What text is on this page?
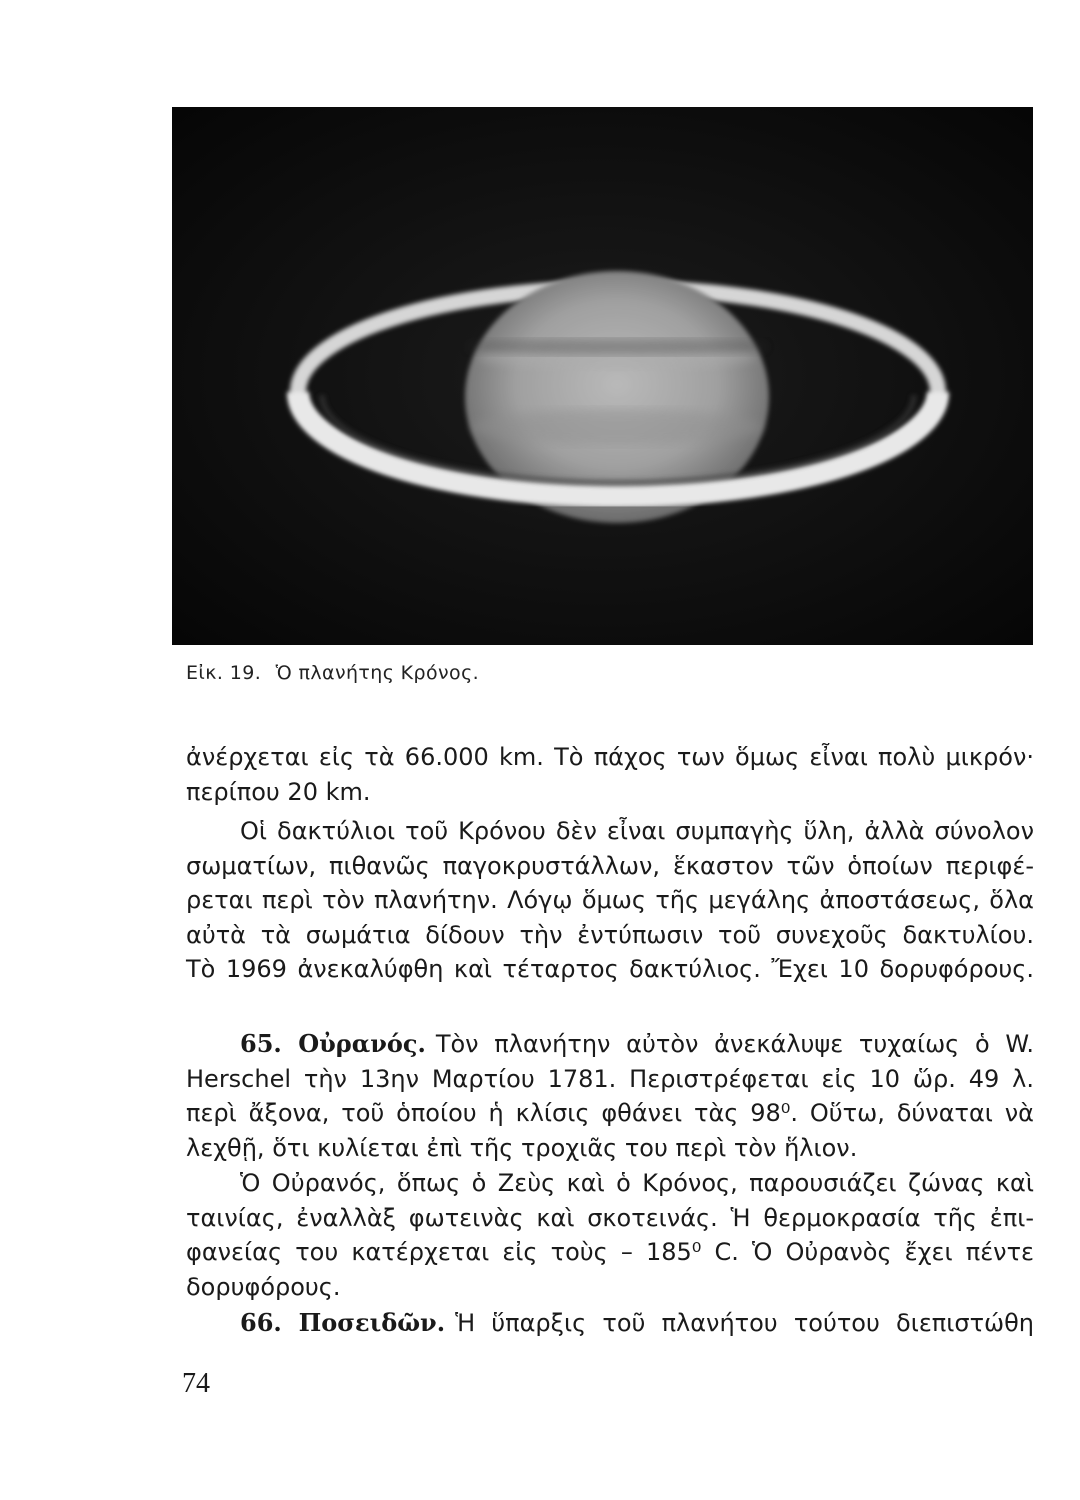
Εἰκ. 19. Ὁ πλανήτης Κρόνος.
ἀνέρχεται εἰς τὰ 66.000 km. Τὸ πάχος των ὅμως εἶναι πολὺ μικρόν·
περίπου 20 km.
Οἱ δακτύλιοι τοῦ Κρόνου δὲν εἶναι συμπαγὴς ὕλη, ἀλλὰ σύνολον
σωματίων, πιθανῶς παγοκρυστάλλων, ἕκαστον τῶν ὁποίων περιφέ-
ρεται περὶ τὸν πλανήτην. Λόγῳ ὅμως τῆς μεγάλης ἀποστάσεως, ὅλα
αὐτὰ τὰ σωμάτια δίδουν τὴν ἐντύπωσιν τοῦ συνεχοῦς δακτυλίου.
Τὸ 1969 ἀνεκαλύφθη καὶ τέταρτος δακτύλιος. Ἔχει 10 δορυφόρους.
65. Οὐρανός. Τὸν πλανήτην αὐτὸν ἀνεκάλυψε τυχαίως ὁ W.
Herschel τὴν 13ην Μαρτίου 1781. Περιστρέφεται εἰς 10 ὥρ. 49 λ.
περὶ ἄξονα, τοῦ ὁποίου ἡ κλίσις φθάνει τὰς 98⁰. Οὕτω, δύναται νὰ
λεχθῇ, ὅτι κυλίεται ἐπὶ τῆς τροχιᾶς του περὶ τὸν ἥλιον.
Ὁ Οὐρανός, ὅπως ὁ Ζεὺς καὶ ὁ Κρόνος, παρουσιάζει ζώνας καὶ
ταινίας, ἐναλλὰξ φωτεινὰς καὶ σκοτεινάς. Ἡ θερμοκρασία τῆς ἐπι-
φανείας του κατέρχεται εἰς τοὺς – 185⁰ C. Ὁ Οὐρανὸς ἔχει πέντε
δορυφόρους.
66. Ποσειδῶν. Ἡ ὕπαρξις τοῦ πλανήτου τούτου διεπιστώθη
74
